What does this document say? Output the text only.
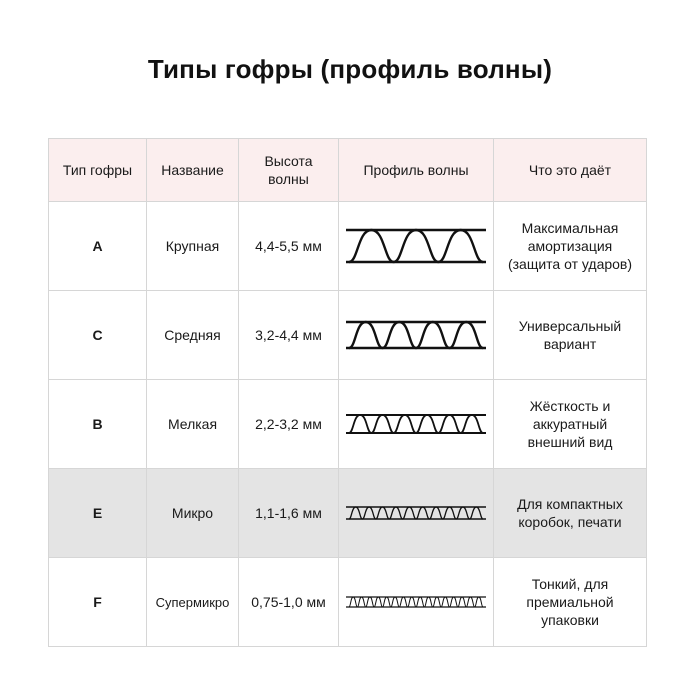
Типы гофры (профиль волны)
Тип гофры	Название	Высота волны	Профиль волны	Что это даёт
A	Крупная	4,4-5,5 мм		Максимальная амортизация (защита от ударов)

C	Средняя	3,2-4,4 мм		Универсальный вариант

B	Мелкая	2,2-3,2 мм		Жёсткость и аккуратный внешний вид

E	Микро	1,1-1,6 мм		Для компактных коробок, печати

F	Супермикро	0,75-1,0 мм		Тонкий, для премиальной упаковки
